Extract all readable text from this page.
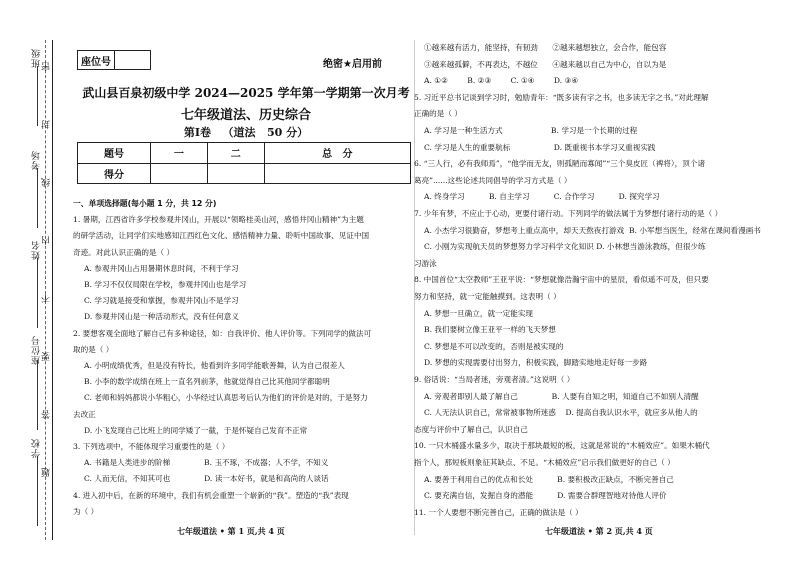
班级
考场
姓名
座位号
学校
密
封
线
内
不
要
答
题
座位号	绝密★启用前
武山县百泉初级中学 2024—2025 学年第一学期第一次月考
七年级道法、历史综合
第Ⅰ卷   （道法   50 分）
题号	一	二	总   分
得分			
一、单项选择题(每小题 1 分，共 12 分)
1. 暑期，江西省许多学校参观井冈山，开展以“领略桂美山河，感悟井冈山精神”为主题
的研学活动，让同学们实地感知江西红色文化、感悟精神力量、聆听中国故事、见证中国
奇迹。对此认识正确的是（ ）
A. 参观井冈山占用暑期休息时间，不利于学习
B. 学习不仅仅局限在学校，参观井冈山也是学习
C. 学习就是接受和掌握，参观井冈山不是学习
D. 参观井冈山是一种活动形式，没有任何意义
2. 要想客观全面地了解自己有多种途径，如：自我评价、他人评价等。下列同学的做法可
取的是（ ）
A. 小明成绩优秀，但是没有特长，他看到许多同学能歌善舞，认为自己很差人
B. 小李的数学成绩在班上一直名列前茅，他就觉得自己比其他同学都聪明
C. 老师和妈妈都说小华粗心，小华经过认真思考后认为他们的评价是对的，于是努力
去改正
D. 小飞发现自己比班上的同学矮了一截，于是怀疑自己发育不正常
3. 下列选项中，不能体现学习重要性的是（ ）
A. 书籍是人类进步的阶梯              B. 玉不琢，不成器；人不学，不知义
C. 人而无信，不知其可也              D. 读一本好书，就是和高尚的人谈话
4. 进入初中后，在新的环境中，我们有机会重塑一个崭新的“我”。塑造的“我”表现
为（ ）
①越来越有活力，能坚持，有韧劲      ②越来越想独立，会合作，能包容
③越来越孤僻，不再表达，不越位      ④越来越以自己为中心，自以为是
A. ①②        B. ②③        C. ①④        D. ③④
5. 习近平总书记谈到学习时，勉励青年：“既多读有字之书，也多读无字之书。”对此理解
正确的是（ ）
A. 学习是一种生活方式                    B. 学习是一个长期的过程
C. 学习是人生的重要航标                  D. 既重视书本学习又重视实践
6. “三人行，必有我师焉”，“他学而无友，则孤陋而寡闻”“三个臭皮匠（裨将），顶个诸
葛亮”......这些论述共同倡导的学习方式是（ ）
A. 终身学习          B. 自主学习          C. 合作学习          D. 探究学习
7. 少年有梦，不应止于心动，更要付诸行动。下列同学的做法属于为梦想付诸行动的是（ ）
A. 小杰学习很勤奋，梦想考上重点高中，却天天熬夜打游戏  B. 小军想当医生，经常在课间看漫画书
C. 小刚为实现航天员的梦想努力学习科学文化知识 D. 小林想当游泳教练，但很少练
习游泳
8. 中国首位“太空教师”王亚平说：“梦想就像浩瀚宇宙中的星辰，看似遥不可及，但只要
努力和坚持，就一定能触摸到。这表明（ ）
A. 梦想一旦确立，就一定能实现
B. 我们要树立像王亚平一样的飞天梦想
C. 梦想是不可以改变的，否则是被实现的
D. 梦想的实现需要付出努力，积极实践，脚踏实地地走好每一步路
9. 俗话说：“当局者迷，旁观者清。”这说明（ ）
A. 旁观者即别人最了解自己              B. 人要有自知之明，知道自己不如别人清醒
C. 人无法认识自己，常常被事物所迷惑    D. 提高自我认识水平，就应多从他人的
态度与评价中了解自己，认识自己
10. 一只木桶盛水量多少，取决于那块最短的板，这就是常说的“木桶效应”。如果木桶代
指个人，那短板则象征其缺点、不足。“木桶效应”启示我们做更好的自己（ ）
A. 要善于利用自己的优点和长处          B. 要积极改正缺点，不断完善自己
C. 要充满自信，发掘自身的潜能          D. 需要合群理智地对待他人评价
11. 一个人要想不断完善自己，正确的做法是（ ）
七年级道法 • 第 1 页,共 4 页	七年级道法 • 第 2 页,共 4 页
